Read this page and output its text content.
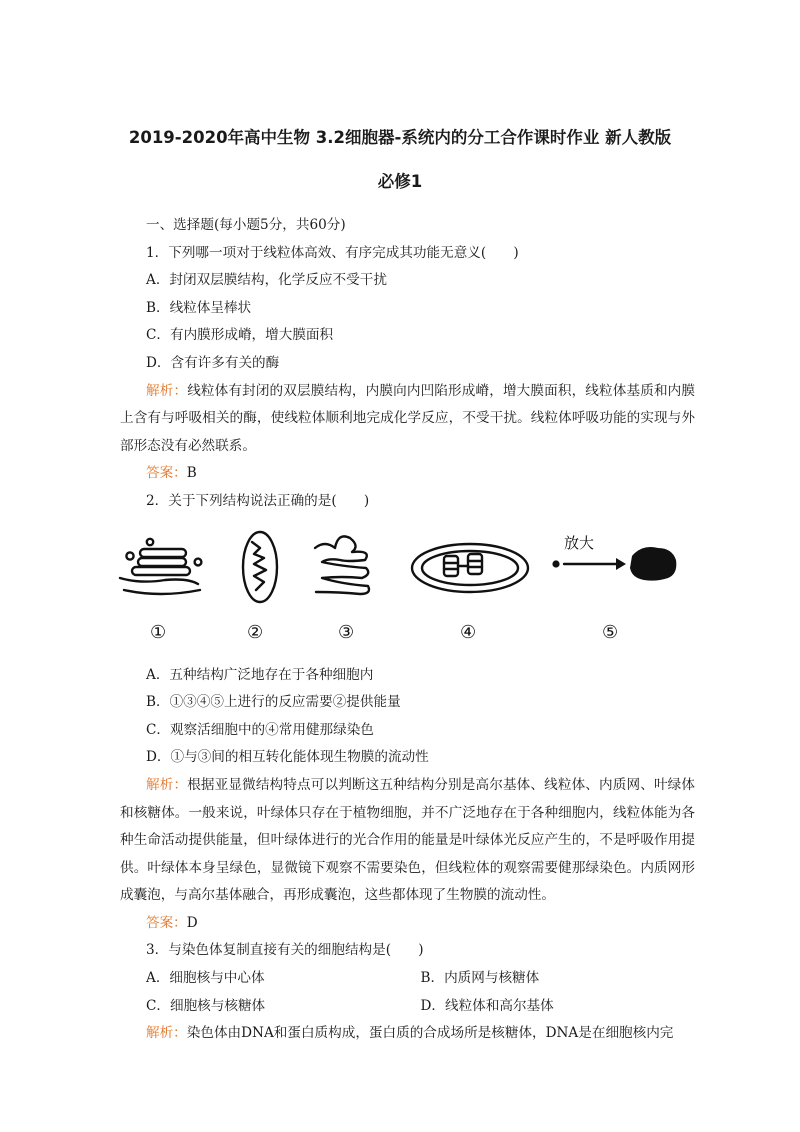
2019-2020年高中生物 3.2细胞器-系统内的分工合作课时作业 新人教版
必修1
一、选择题(每小题5分，共60分)
1．下列哪一项对于线粒体高效、有序完成其功能无意义(　　)
A．封闭双层膜结构，化学反应不受干扰
B．线粒体呈棒状
C．有内膜形成嵴，增大膜面积
D．含有许多有关的酶

解析：线粒体有封闭的双层膜结构，内膜向内凹陷形成嵴，增大膜面积，线粒体基质和内膜上含有与呼吸相关的酶，使线粒体顺利地完成化学反应，不受干扰。线粒体呼吸功能的实现与外部形态没有必然联系。

答案：B
2．关于下列结构说法正确的是(　　)
放大
①	②	③	④	⑤
A．五种结构广泛地存在于各种细胞内
B．①③④⑤上进行的反应需要②提供能量
C．观察活细胞中的④常用健那绿染色
D．①与③间的相互转化能体现生物膜的流动性

解析：根据亚显微结构特点可以判断这五种结构分别是高尔基体、线粒体、内质网、叶绿体和核糖体。一般来说，叶绿体只存在于植物细胞，并不广泛地存在于各种细胞内，线粒体能为各种生命活动提供能量，但叶绿体进行的光合作用的能量是叶绿体光反应产生的，不是呼吸作用提供。叶绿体本身呈绿色，显微镜下观察不需要染色，但线粒体的观察需要健那绿染色。内质网形成囊泡，与高尔基体融合，再形成囊泡，这些都体现了生物膜的流动性。

答案：D
3．与染色体复制直接有关的细胞结构是(　　)
A．细胞核与中心体	B．内质网与核糖体
C．细胞核与核糖体	D．线粒体和高尔基体
解析：染色体由DNA和蛋白质构成，蛋白质的合成场所是核糖体，DNA是在细胞核内完
